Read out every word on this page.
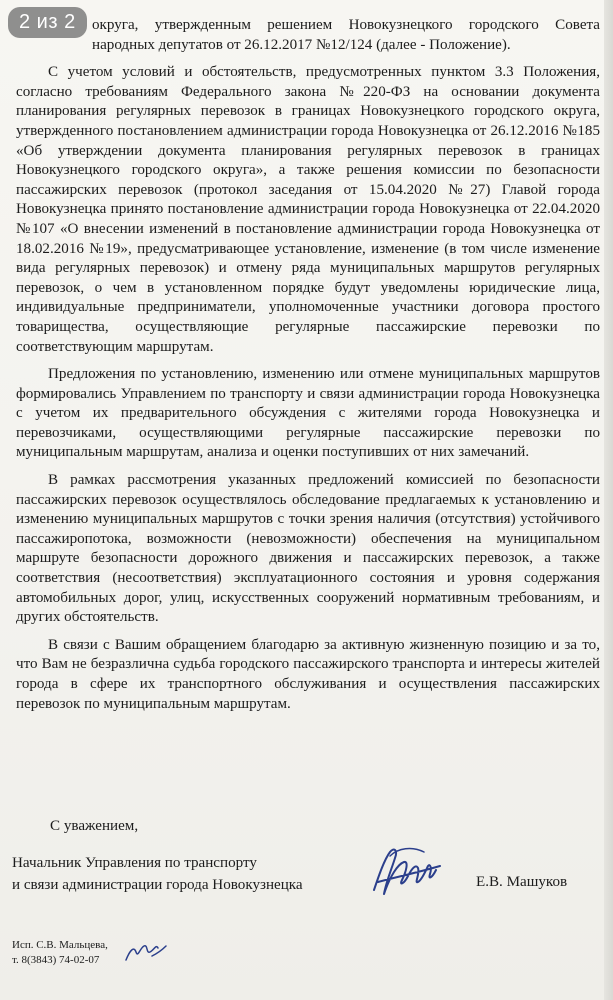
2 из 2	округа, утвержденным решением Новокузнецкого городского Совета народных депутатов от 26.12.2017 №12/124 (далее - Положение).

С учетом условий и обстоятельств, предусмотренных пунктом 3.3 Положения, согласно требованиям Федерального закона №220-ФЗ на основании документа планирования регулярных перевозок в границах Новокузнецкого городского округа, утвержденного постановлением администрации города Новокузнецка от 26.12.2016 №185 «Об утверждении документа планирования регулярных перевозок в границах Новокузнецкого городского округа», а также решения комиссии по безопасности пассажирских перевозок (протокол заседания от 15.04.2020 №27) Главой города Новокузнецка принято постановление администрации города Новокузнецка от 22.04.2020 №107 «О внесении изменений в постановление администрации города Новокузнецка от 18.02.2016 №19», предусматривающее установление, изменение (в том числе изменение вида регулярных перевозок) и отмену ряда муниципальных маршрутов регулярных перевозок, о чем в установленном порядке будут уведомлены юридические лица, индивидуальные предприниматели, уполномоченные участники договора простого товарищества, осуществляющие регулярные пассажирские перевозки по соответствующим маршрутам.

Предложения по установлению, изменению или отмене муниципальных маршрутов формировались Управлением по транспорту и связи администрации города Новокузнецка с учетом их предварительного обсуждения с жителями города Новокузнецка и перевозчиками, осуществляющими регулярные пассажирские перевозки по муниципальным маршрутам, анализа и оценки поступивших от них замечаний.

В рамках рассмотрения указанных предложений комиссией по безопасности пассажирских перевозок осуществлялось обследование предлагаемых к установлению и изменению муниципальных маршрутов с точки зрения наличия (отсутствия) устойчивого пассажиропотока, возможности (невозможности) обеспечения на муниципальном маршруте безопасности дорожного движения и пассажирских перевозок, а также соответствия (несоответствия) эксплуатационного состояния и уровня содержания автомобильных дорог, улиц, искусственных сооружений нормативным требованиям, и других обстоятельств.

В связи с Вашим обращением благодарю за активную жизненную позицию и за то, что Вам не безразлична судьба городского пассажирского транспорта и интересы жителей города в сфере их транспортного обслуживания и осуществления пассажирских перевозок по муниципальным маршрутам.

С уважением,
Начальник Управления по транспорту
и связи администрации города Новокузнецка	Е.В. Машуков
Исп. С.В. Мальцева,
т. 8(3843) 74-02-07
